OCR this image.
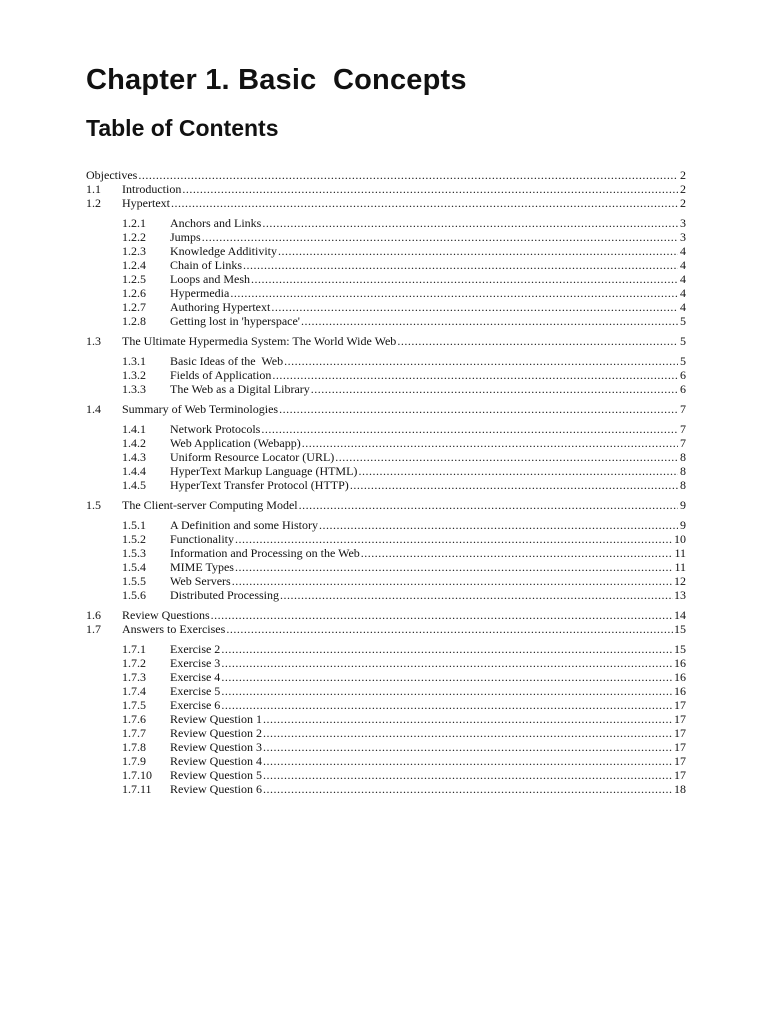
Chapter 1. Basic  Concepts
Table of Contents
Objectives .....	2
1.1	Introduction .....	2
1.2	Hypertext .....	2
1.2.1	Anchors and Links .....	3
1.2.2	Jumps .....	3
1.2.3	Knowledge Additivity .....	4
1.2.4	Chain of Links .....	4
1.2.5	Loops and Mesh .....	4
1.2.6	Hypermedia .....	4
1.2.7	Authoring Hypertext .....	4
1.2.8	Getting lost in 'hyperspace' .....	5
1.3	The Ultimate Hypermedia System: The World Wide Web .....	5
1.3.1	Basic Ideas of the  Web .....	5
1.3.2	Fields of Application .....	6
1.3.3	The Web as a Digital Library .....	6
1.4	Summary of Web Terminologies .....	7
1.4.1	Network Protocols .....	7
1.4.2	Web Application (Webapp) .....	7
1.4.3	Uniform Resource Locator (URL) .....	8
1.4.4	HyperText Markup Language (HTML) .....	8
1.4.5	HyperText Transfer Protocol (HTTP) .....	8
1.5	The Client-server Computing Model .....	9
1.5.1	A Definition and some History .....	9
1.5.2	Functionality .....	10
1.5.3	Information and Processing on the Web .....	11
1.5.4	MIME Types .....	11
1.5.5	Web Servers .....	12
1.5.6	Distributed Processing .....	13
1.6	Review Questions .....	14
1.7	Answers to Exercises .....	15
1.7.1	Exercise 2 .....	15
1.7.2	Exercise 3 .....	16
1.7.3	Exercise 4 .....	16
1.7.4	Exercise 5 .....	16
1.7.5	Exercise 6 .....	17
1.7.6	Review Question 1 .....	17
1.7.7	Review Question 2 .....	17
1.7.8	Review Question 3 .....	17
1.7.9	Review Question 4 .....	17
1.7.10	Review Question 5 .....	17
1.7.11	Review Question 6 .....	18
